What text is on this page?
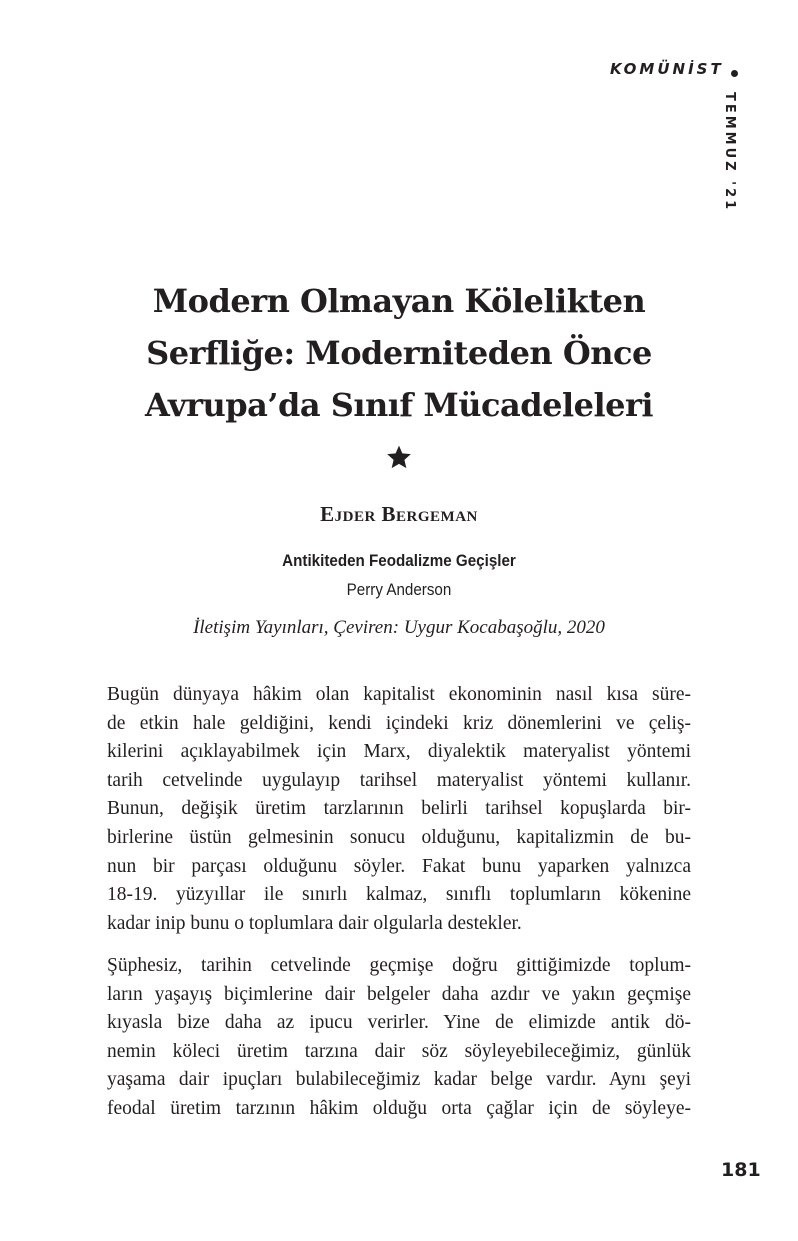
KOMÜNİST
TEMMUZ '21
Modern Olmayan Kölelikten
Serfliğe: Moderniteden Önce
Avrupa’da Sınıf Mücadeleleri
Ejder Bergeman
Antikiteden Feodalizme Geçişler
Perry Anderson
İletişim Yayınları, Çeviren: Uygur Kocabaşoğlu, 2020
Bugün dünyaya hâkim olan kapitalist ekonominin nasıl kısa süre-
de etkin hale geldiğini, kendi içindeki kriz dönemlerini ve çeliş-
kilerini açıklayabilmek için Marx, diyalektik materyalist yöntemi
tarih cetvelinde uygulayıp tarihsel materyalist yöntemi kullanır.
Bunun, değişik üretim tarzlarının belirli tarihsel kopuşlarda bir-
birlerine üstün gelmesinin sonucu olduğunu, kapitalizmin de bu-
nun bir parçası olduğunu söyler. Fakat bunu yaparken yalnızca
18-19. yüzyıllar ile sınırlı kalmaz, sınıflı toplumların kökenine
kadar inip bunu o toplumlara dair olgularla destekler.
Şüphesiz, tarihin cetvelinde geçmişe doğru gittiğimizde toplum-
ların yaşayış biçimlerine dair belgeler daha azdır ve yakın geçmişe
kıyasla bize daha az ipucu verirler. Yine de elimizde antik dö-
nemin köleci üretim tarzına dair söz söyleyebileceğimiz, günlük
yaşama dair ipuçları bulabileceğimiz kadar belge vardır. Aynı şeyi
feodal üretim tarzının hâkim olduğu orta çağlar için de söyleye-
181
